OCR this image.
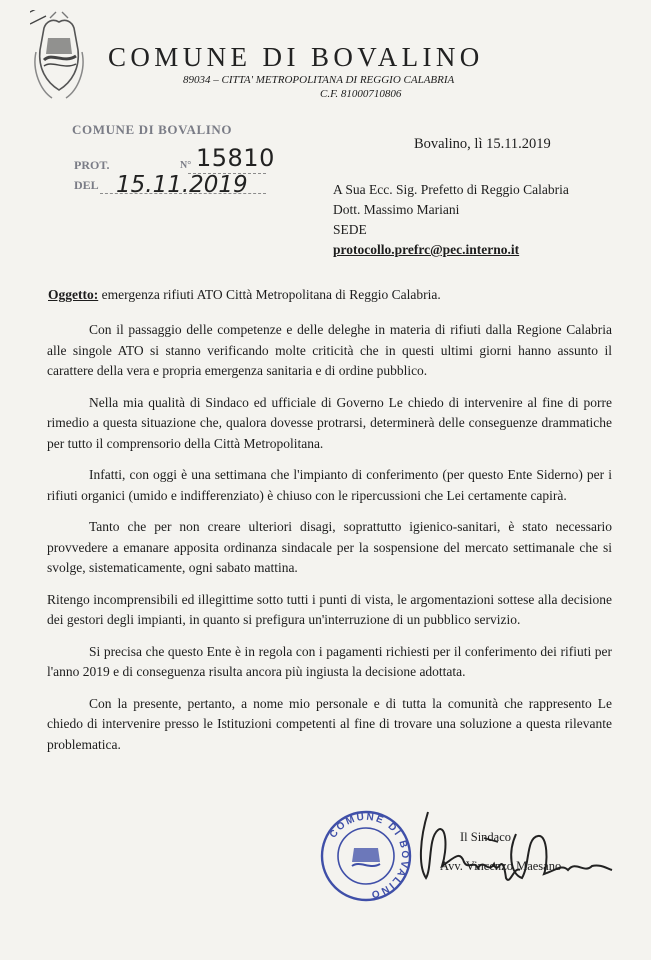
COMUNE DI BOVALINO
89034 – CITTA' METROPOLITANA DI REGGIO CALABRIA
C.F. 81000710806
COMUNE DI BOVALINO
PROT.	N° 15810
DEL 15.11.2019
Bovalino, lì 15.11.2019
A Sua Ecc. Sig. Prefetto di Reggio Calabria
Dott. Massimo Mariani
SEDE
protocollo.prefrc@pec.interno.it
Oggetto: emergenza rifiuti ATO Città Metropolitana di Reggio Calabria.

Con il passaggio delle competenze e delle deleghe in materia di rifiuti dalla Regione Calabria alle singole ATO si stanno verificando molte criticità che in questi ultimi giorni hanno assunto il carattere della vera e propria emergenza sanitaria e di ordine pubblico.

Nella mia qualità di Sindaco ed ufficiale di Governo Le chiedo di intervenire al fine di porre rimedio a questa situazione che, qualora dovesse protrarsi, determinerà delle conseguenze drammatiche per tutto il comprensorio della Città Metropolitana.

Infatti, con oggi è una settimana che l'impianto di conferimento (per questo Ente Siderno) per i rifiuti organici (umido e indifferenziato) è chiuso con le ripercussioni che Lei certamente capirà.

Tanto che per non creare ulteriori disagi, soprattutto igienico-sanitari, è stato necessario provvedere a emanare apposita ordinanza sindacale per la sospensione del mercato settimanale che si svolge, sistematicamente, ogni sabato mattina.

Ritengo incomprensibili ed illegittime sotto tutti i punti di vista, le argomentazioni sottese alla decisione dei gestori degli impianti, in quanto si prefigura un'interruzione di un pubblico servizio.

Si precisa che questo Ente è in regola con i pagamenti richiesti per il conferimento dei rifiuti per l'anno 2019 e di conseguenza risulta ancora più ingiusta la decisione adottata.

Con la presente, pertanto, a nome mio personale e di tutta la comunità che rappresento Le chiedo di intervenire presso le Istituzioni competenti al fine di trovare una soluzione a questa rilevante problematica.

COMUNE DI BOVALINO
Il Sindaco
Avv. Vincenzo Maesano
